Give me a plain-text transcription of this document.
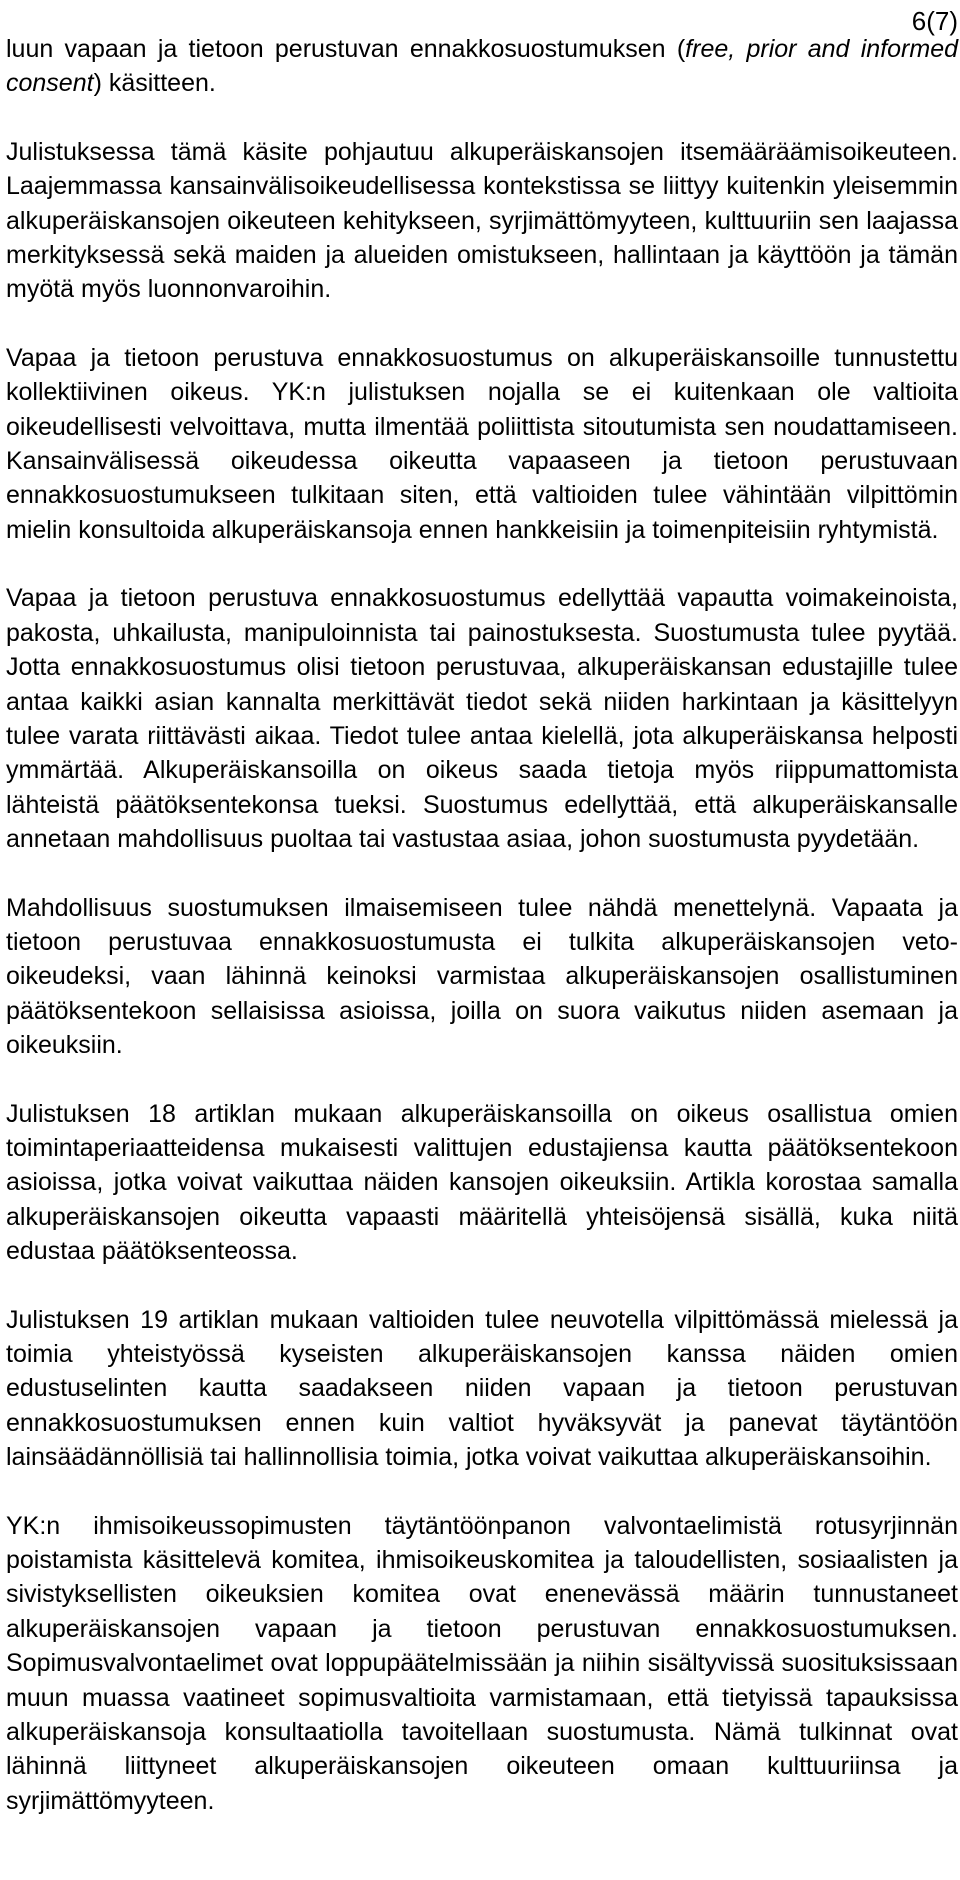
6(7)

luun vapaan ja tietoon perustuvan ennakkosuostumuksen (free, prior and informed consent) käsitteen.

Julistuksessa tämä käsite pohjautuu alkuperäiskansojen itsemääräämisoikeuteen. Laajemmassa kansainvälisoikeudellisessa kontekstissa se liittyy kuitenkin yleisemmin alkuperäiskansojen oikeuteen kehitykseen, syrjimättömyyteen, kulttuuriin sen laajassa merkityksessä sekä maiden ja alueiden omistukseen, hallintaan ja käyttöön ja tämän myötä myös luonnonvaroihin.

Vapaa ja tietoon perustuva ennakkosuostumus on alkuperäiskansoille tunnustettu kollektiivinen oikeus. YK:n julistuksen nojalla se ei kuitenkaan ole valtioita oikeudellisesti velvoittava, mutta ilmentää poliittista sitoutumista sen noudattamiseen. Kansainvälisessä oikeudessa oikeutta vapaaseen ja tietoon perustuvaan ennakkosuostumukseen tulkitaan siten, että valtioiden tulee vähintään vilpittömin mielin konsultoida alkuperäiskansoja ennen hankkeisiin ja toimenpiteisiin ryhtymistä.

Vapaa ja tietoon perustuva ennakkosuostumus edellyttää vapautta voimakeinoista, pakosta, uhkailusta, manipuloinnista tai painostuksesta. Suostumusta tulee pyytää. Jotta ennakkosuostumus olisi tietoon perustuvaa, alkuperäiskansan edustajille tulee antaa kaikki asian kannalta merkittävät tiedot sekä niiden harkintaan ja käsittelyyn tulee varata riittävästi aikaa. Tiedot tulee antaa kielellä, jota alkuperäiskansa helposti ymmärtää. Alkuperäiskansoilla on oikeus saada tietoja myös riippumattomista lähteistä päätöksentekonsa tueksi. Suostumus edellyttää, että alkuperäiskansalle annetaan mahdollisuus puoltaa tai vastustaa asiaa, johon suostumusta pyydetään.

Mahdollisuus suostumuksen ilmaisemiseen tulee nähdä menettelynä. Vapaata ja tietoon perustuvaa ennakkosuostumusta ei tulkita alkuperäiskansojen veto-oikeudeksi, vaan lähinnä keinoksi varmistaa alkuperäiskansojen osallistuminen päätöksentekoon sellaisissa asioissa, joilla on suora vaikutus niiden asemaan ja oikeuksiin.

Julistuksen 18 artiklan mukaan alkuperäiskansoilla on oikeus osallistua omien toimintaperiaatteidensa mukaisesti valittujen edustajiensa kautta päätöksentekoon asioissa, jotka voivat vaikuttaa näiden kansojen oikeuksiin. Artikla korostaa samalla alkuperäiskansojen oikeutta vapaasti määritellä yhteisöjensä sisällä, kuka niitä edustaa päätöksenteossa.

Julistuksen 19 artiklan mukaan valtioiden tulee neuvotella vilpittömässä mielessä ja toimia yhteistyössä kyseisten alkuperäiskansojen kanssa näiden omien edustuselinten kautta saadakseen niiden vapaan ja tietoon perustuvan ennakkosuostumuksen ennen kuin valtiot hyväksyvät ja panevat täytäntöön lainsäädännöllisiä tai hallinnollisia toimia, jotka voivat vaikuttaa alkuperäiskansoihin.

YK:n ihmisoikeussopimusten täytäntöönpanon valvontaelimistä rotusyrjinnän poistamista käsittelevä komitea, ihmisoikeuskomitea ja taloudellisten, sosiaalisten ja sivistyksellisten oikeuksien komitea ovat enenevässä määrin tunnustaneet alkuperäiskansojen vapaan ja tietoon perustuvan ennakkosuostumuksen. Sopimusvalvontaelimet ovat loppupäätelmissään ja niihin sisältyvissä suosituksissaan muun muassa vaatineet sopimusvaltioita varmistamaan, että tietyissä tapauksissa alkuperäiskansoja konsultaatiolla tavoitellaan suostumusta. Nämä tulkinnat ovat lähinnä liittyneet alkuperäiskansojen oikeuteen omaan kulttuuriinsa ja syrjimättömyyteen.
